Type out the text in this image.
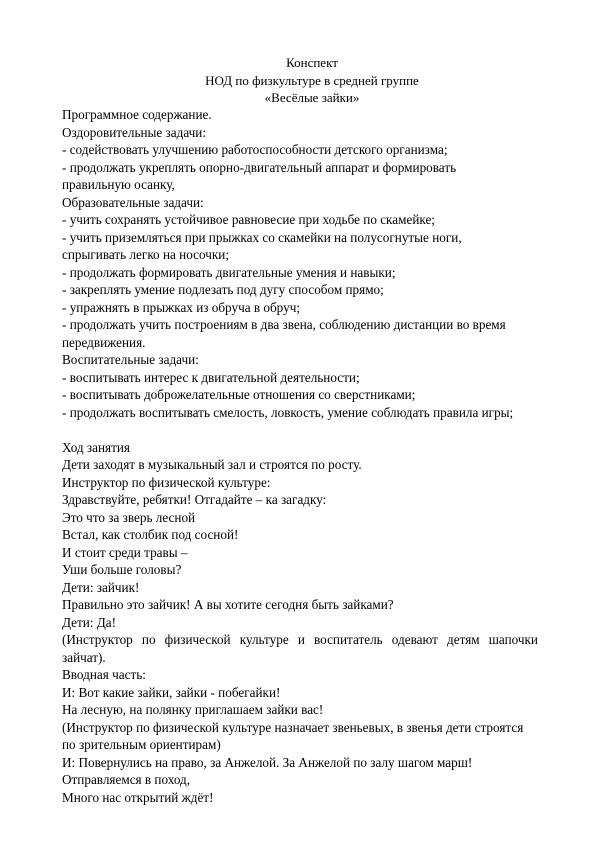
Конспект
НОД по физкультуре в средней группе
«Весёлые зайки»
Программное содержание.
Оздоровительные задачи:
- содействовать улучшению работоспособности детского организма;
- продолжать укреплять опорно-двигательный аппарат и формировать
правильную осанку,
Образовательные задачи:
- учить сохранять устойчивое равновесие при ходьбе по скамейке;
- учить приземляться при прыжках со скамейки на полусогнутые ноги,
спрыгивать легко на носочки;
- продолжать формировать двигательные умения и навыки;
- закреплять умение подлезать под дугу способом прямо;
- упражнять в прыжках из обруча в обруч;
- продолжать учить построениям в два звена, соблюдению дистанции во время
передвижения.
Воспитательные задачи:
- воспитывать интерес к двигательной деятельности;
- воспитывать доброжелательные отношения со сверстниками;
- продолжать воспитывать смелость, ловкость, умение соблюдать правила игры;
Ход занятия
Дети заходят в музыкальный зал и строятся по росту.
Инструктор по физической культуре:
Здравствуйте, ребятки! Отгадайте – ка загадку:
Это что за зверь лесной
Встал, как столбик под сосной!
И стоит среди травы –
Уши больше головы?
Дети: зайчик!
Правильно это зайчик! А вы хотите сегодня быть зайками?
Дети: Да!
(Инструктор по физической культуре и воспитатель одевают детям шапочки
зайчат).
Вводная часть:
И: Вот какие зайки, зайки - побегайки!
На лесную, на полянку приглашаем зайки вас!
(Инструктор по физической культуре назначает звеньевых, в звенья дети строятся
по зрительным ориентирам)
И: Повернулись на право, за Анжелой. За Анжелой по залу шагом марш!
Отправляемся в поход,
Много нас открытий ждёт!
